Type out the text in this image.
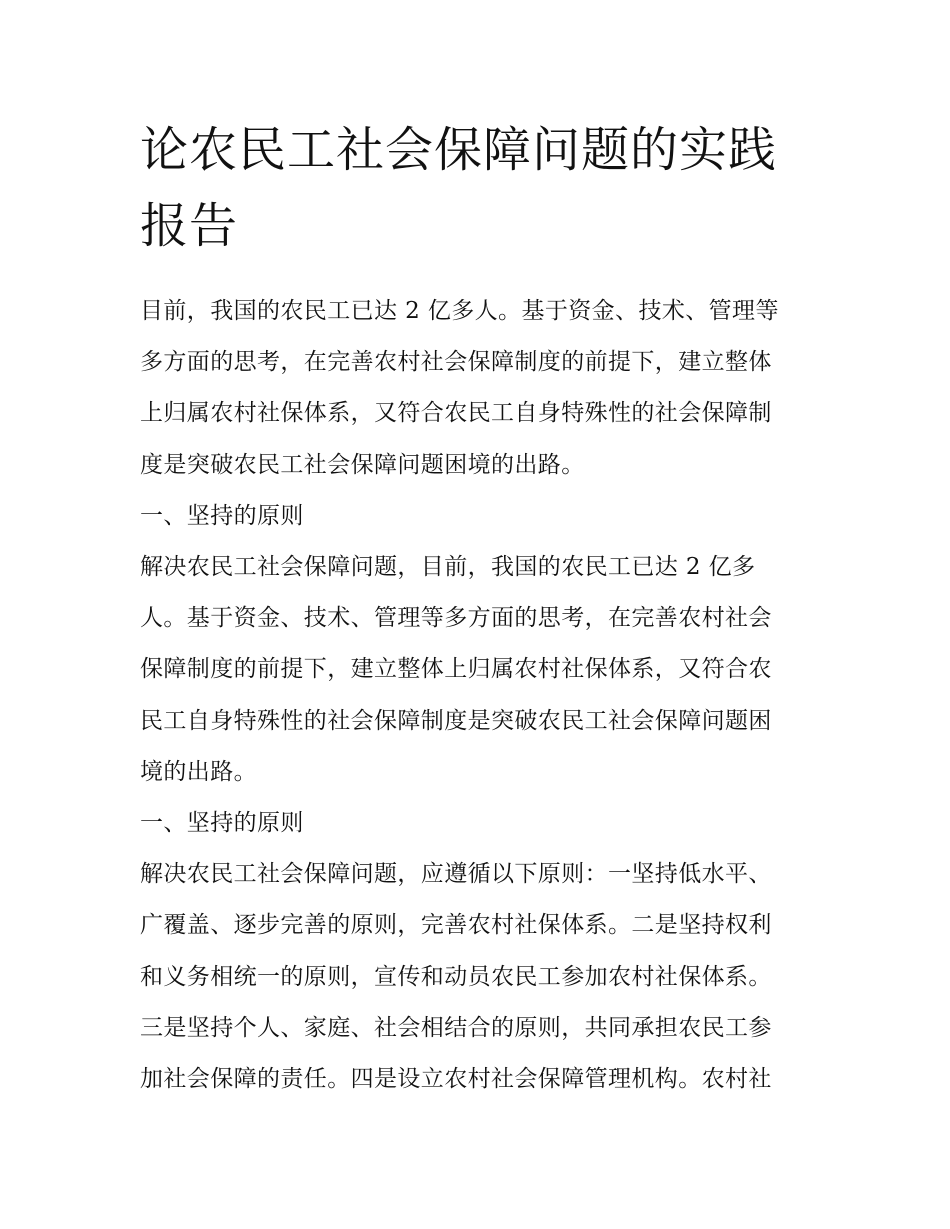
论农民工社会保障问题的实践
报告
目前，我国的农民工已达 2 亿多人。基于资金、技术、管理等
多方面的思考，在完善农村社会保障制度的前提下，建立整体
上归属农村社保体系，又符合农民工自身特殊性的社会保障制
度是突破农民工社会保障问题困境的出路。
一、坚持的原则
解决农民工社会保障问题，目前，我国的农民工已达 2 亿多
人。基于资金、技术、管理等多方面的思考，在完善农村社会
保障制度的前提下，建立整体上归属农村社保体系，又符合农
民工自身特殊性的社会保障制度是突破农民工社会保障问题困
境的出路。
一、坚持的原则
解决农民工社会保障问题，应遵循以下原则：一坚持低水平、
广覆盖、逐步完善的原则，完善农村社保体系。二是坚持权利
和义务相统一的原则，宣传和动员农民工参加农村社保体系。
三是坚持个人、家庭、社会相结合的原则，共同承担农民工参
加社会保障的责任。四是设立农村社会保障管理机构。农村社
